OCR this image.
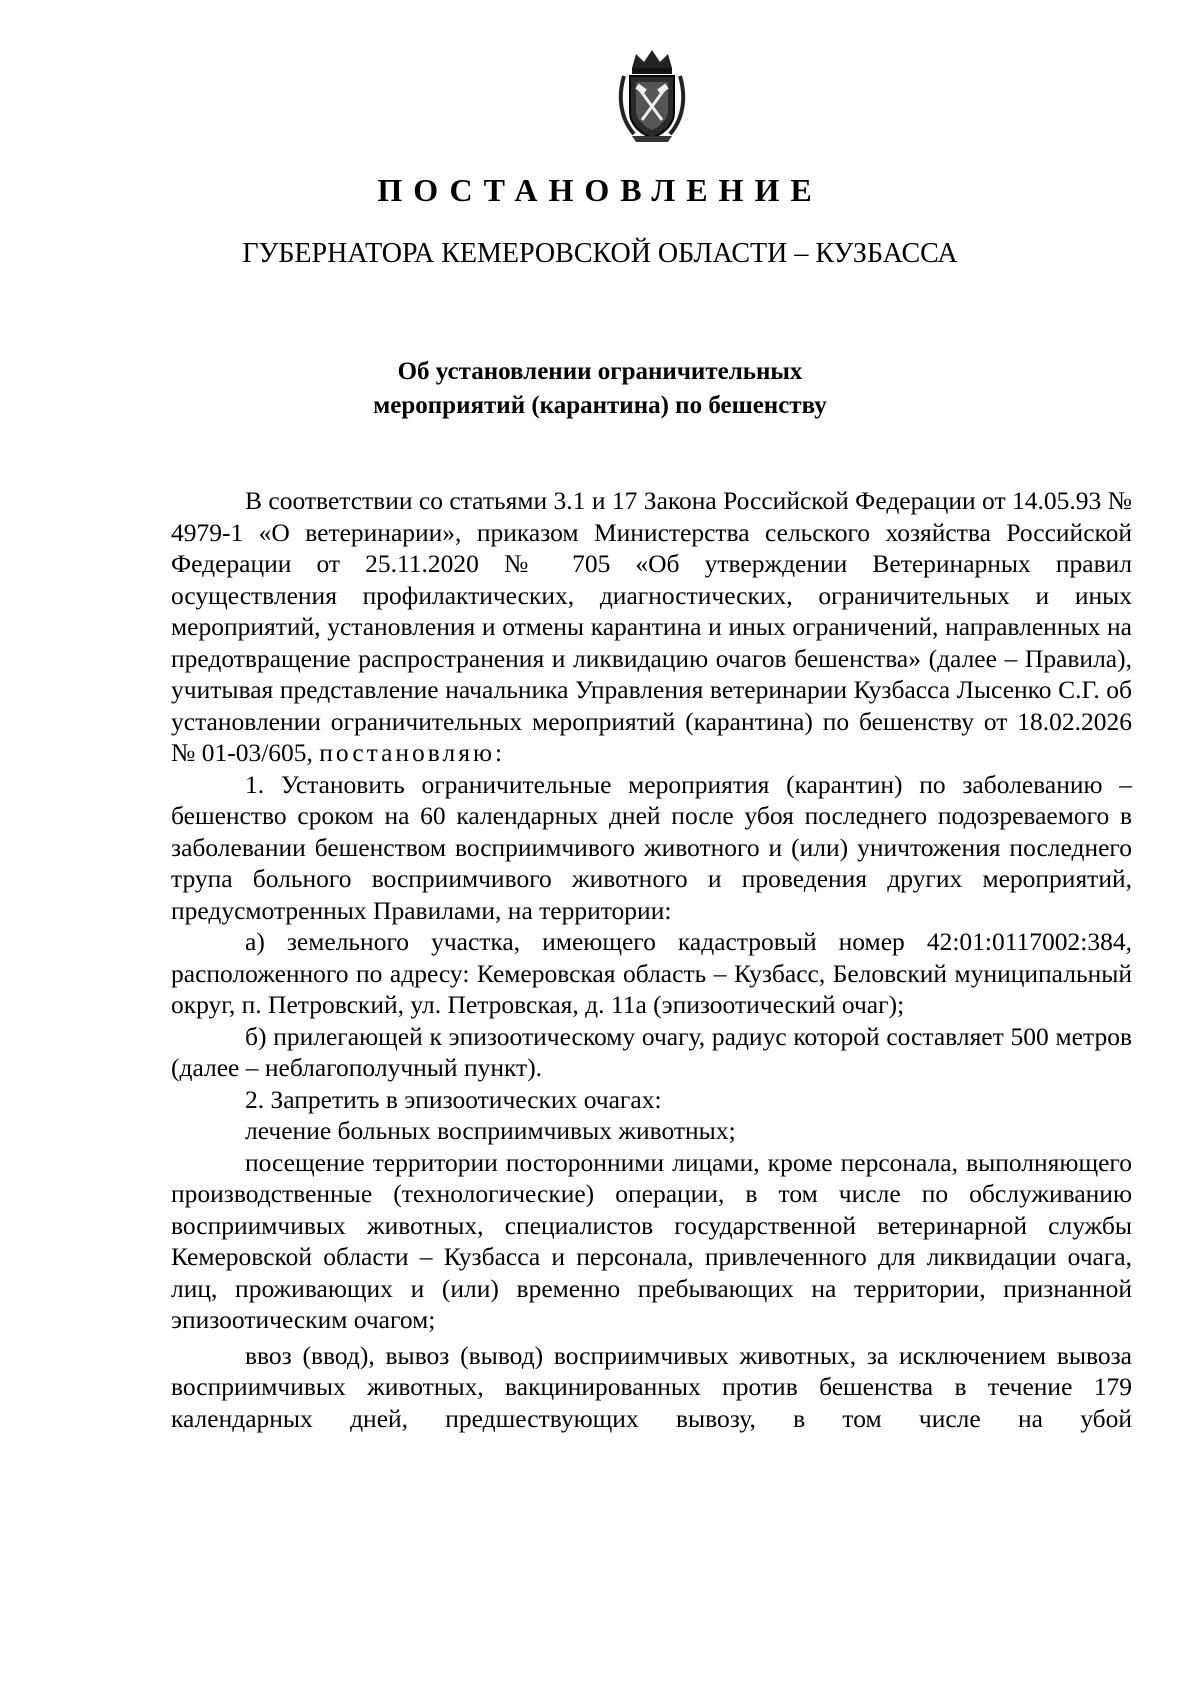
ПОСТАНОВЛЕНИЕ
ГУБЕРНАТОРА КЕМЕРОВСКОЙ ОБЛАСТИ – КУЗБАССА
Об установлении ограничительных
мероприятий (карантина) по бешенству

В соответствии со статьями 3.1 и 17 Закона Российской Федерации от 14.05.93 № 4979-1 «О ветеринарии», приказом Министерства сельского хозяйства Российской Федерации от 25.11.2020 № 705 «Об утверждении Ветеринарных правил осуществления профилактических, диагностических, ограничительных и иных мероприятий, установления и отмены карантина и иных ограничений, направленных на предотвращение распространения и ликвидацию очагов бешенства» (далее – Правила), учитывая представление начальника Управления ветеринарии Кузбасса Лысенко С.Г. об установлении ограничительных мероприятий (карантина) по бешенству от 18.02.2026

№ 01-03/605, постановляю:

1. Установить ограничительные мероприятия (карантин) по заболеванию – бешенство сроком на 60 календарных дней после убоя последнего подозреваемого в заболевании бешенством восприимчивого животного и (или) уничтожения последнего трупа больного восприимчивого животного и проведения других мероприятий, предусмотренных Правилами, на территории:

а) земельного участка, имеющего кадастровый номер 42:01:0117002:384, расположенного по адресу: Кемеровская область – Кузбасс, Беловский муниципальный округ, п. Петровский, ул. Петровская, д. 11а (эпизоотический очаг);

б) прилегающей к эпизоотическому очагу, радиус которой составляет 500 метров (далее – неблагополучный пункт).

2. Запретить в эпизоотических очагах:

лечение больных восприимчивых животных;

посещение территории посторонними лицами, кроме персонала, выполняющего производственные (технологические) операции, в том числе по обслуживанию восприимчивых животных, специалистов государственной ветеринарной службы Кемеровской области – Кузбасса и персонала, привлеченного для ликвидации очага, лиц, проживающих и (или) временно пребывающих на территории, признанной эпизоотическим очагом;

ввоз (ввод), вывоз (вывод) восприимчивых животных, за исключением вывоза восприимчивых животных, вакцинированных против бешенства в течение 179 календарных дней, предшествующих вывозу, в том числе на убой
